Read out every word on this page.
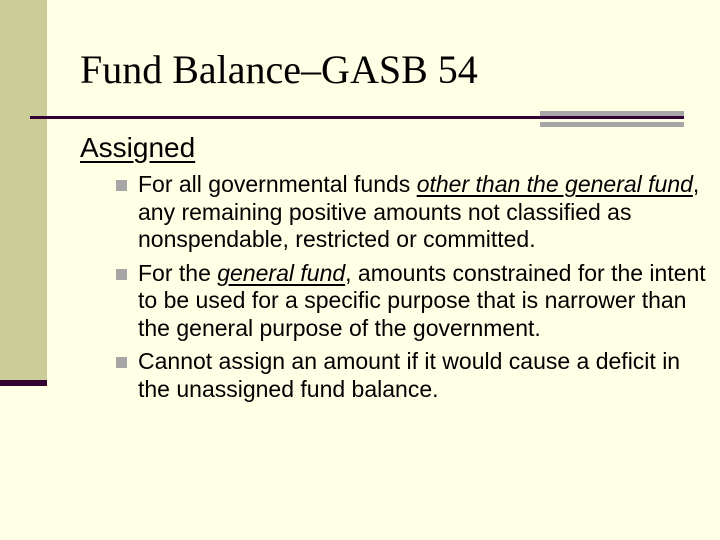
Fund Balance–GASB 54
Assigned
For all governmental funds other than the general fund, any remaining positive amounts not classified as nonspendable, restricted or committed.
For the general fund, amounts constrained for the intent to be used for a specific purpose that is narrower than the general purpose of the government.
Cannot assign an amount if it would cause a deficit in the unassigned fund balance.
